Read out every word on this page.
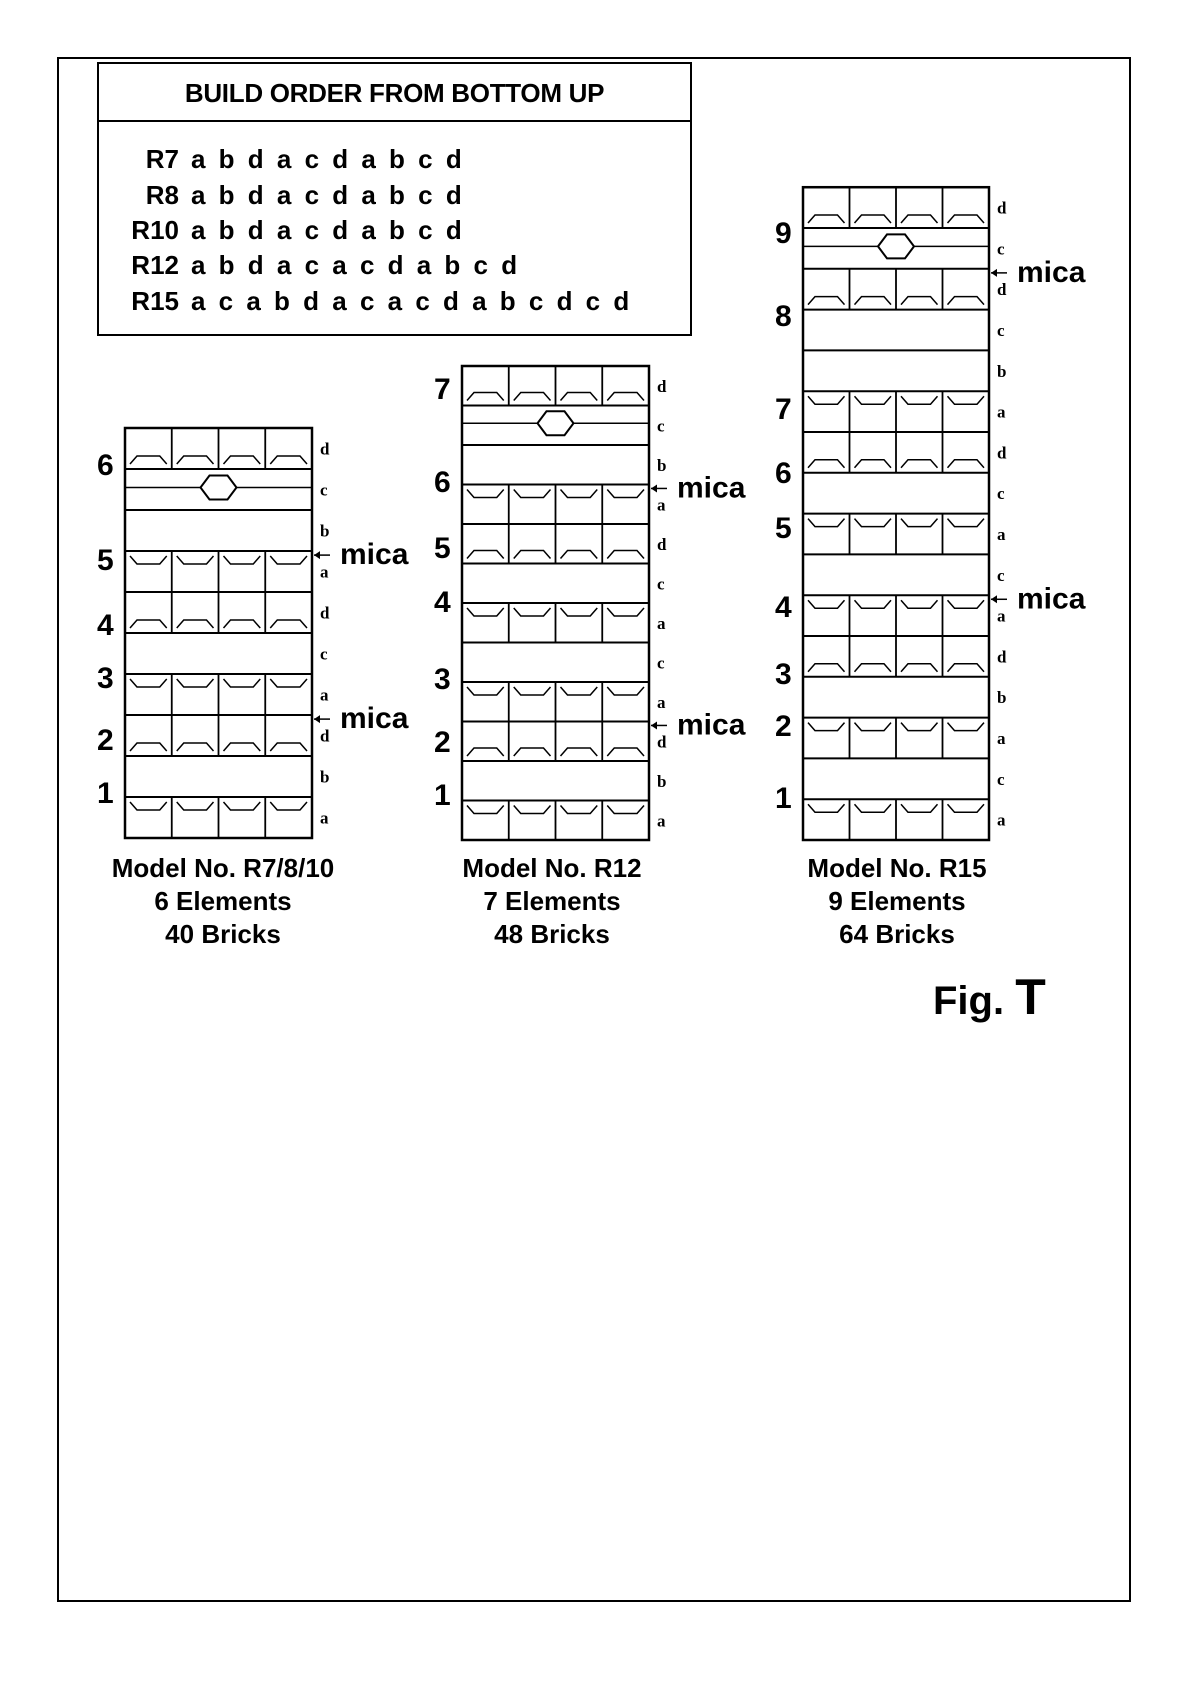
BUILD ORDER FROM BOTTOM UP
R7 a b d a c d a b c d
R8 a b d a c d a b c d
R10 a b d a c d a b c d
R12 a b d a c a c d a b c d
R15 a c a b d a c a c d a b c d c d
a
b
d
a
c
d
a
b
c
d
1
2
3
4
5
6
mica
mica
a
b
d
a
c
a
c
d
a
b
c
d
1
2
3
4
5
6
7
mica
mica
a
c
a
b
d
a
c
a
c
d
a
b
c
d
c
d
1
2
3
4
5
6
7
8
9
mica
mica
Model No. R7/8/10
6 Elements
40 Bricks
Model No. R12
7 Elements
48 Bricks
Model No. R15
9 Elements
64 Bricks
Fig. T
